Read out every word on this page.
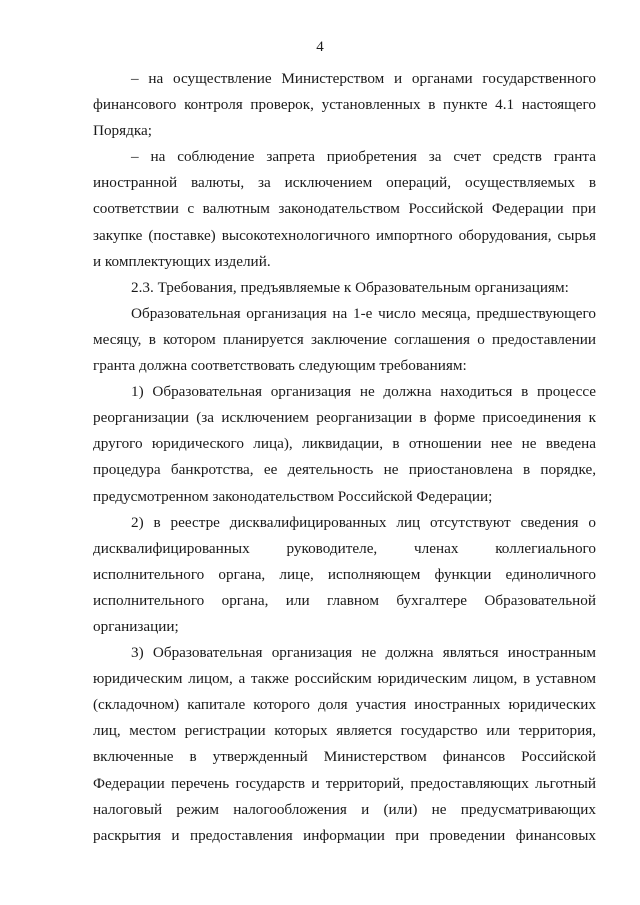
4
– на осуществление Министерством и органами государственного
финансового контроля проверок, установленных в пункте 4.1 настоящего
Порядка;
– на соблюдение запрета приобретения за счет средств гранта
иностранной валюты, за исключением операций, осуществляемых в
соответствии с валютным законодательством Российской Федерации при
закупке (поставке) высокотехнологичного импортного оборудования, сырья
и комплектующих изделий.
2.3. Требования, предъявляемые к Образовательным организациям:
Образовательная организация на 1-е число месяца, предшествующего
месяцу, в котором планируется заключение соглашения о предоставлении
гранта должна соответствовать следующим требованиям:
1) Образовательная организация не должна находиться в процессе
реорганизации (за исключением реорганизации в форме присоединения к
другого юридического лица), ликвидации, в отношении нее не введена
процедура банкротства, ее деятельность не приостановлена в порядке,
предусмотренном законодательством Российской Федерации;
2) в реестре дисквалифицированных лиц отсутствуют сведения о
дисквалифицированных руководителе, членах коллегиального
исполнительного органа, лице, исполняющем функции единоличного
исполнительного органа, или главном бухгалтере Образовательной
организации;
3) Образовательная организация не должна являться иностранным
юридическим лицом, а также российским юридическим лицом, в уставном
(складочном) капитале которого доля участия иностранных юридических
лиц, местом регистрации которых является государство или территория,
включенные в утвержденный Министерством финансов Российской
Федерации перечень государств и территорий, предоставляющих льготный
налоговый режим налогообложения и (или) не предусматривающих
раскрытия и предоставления информации при проведении финансовых
